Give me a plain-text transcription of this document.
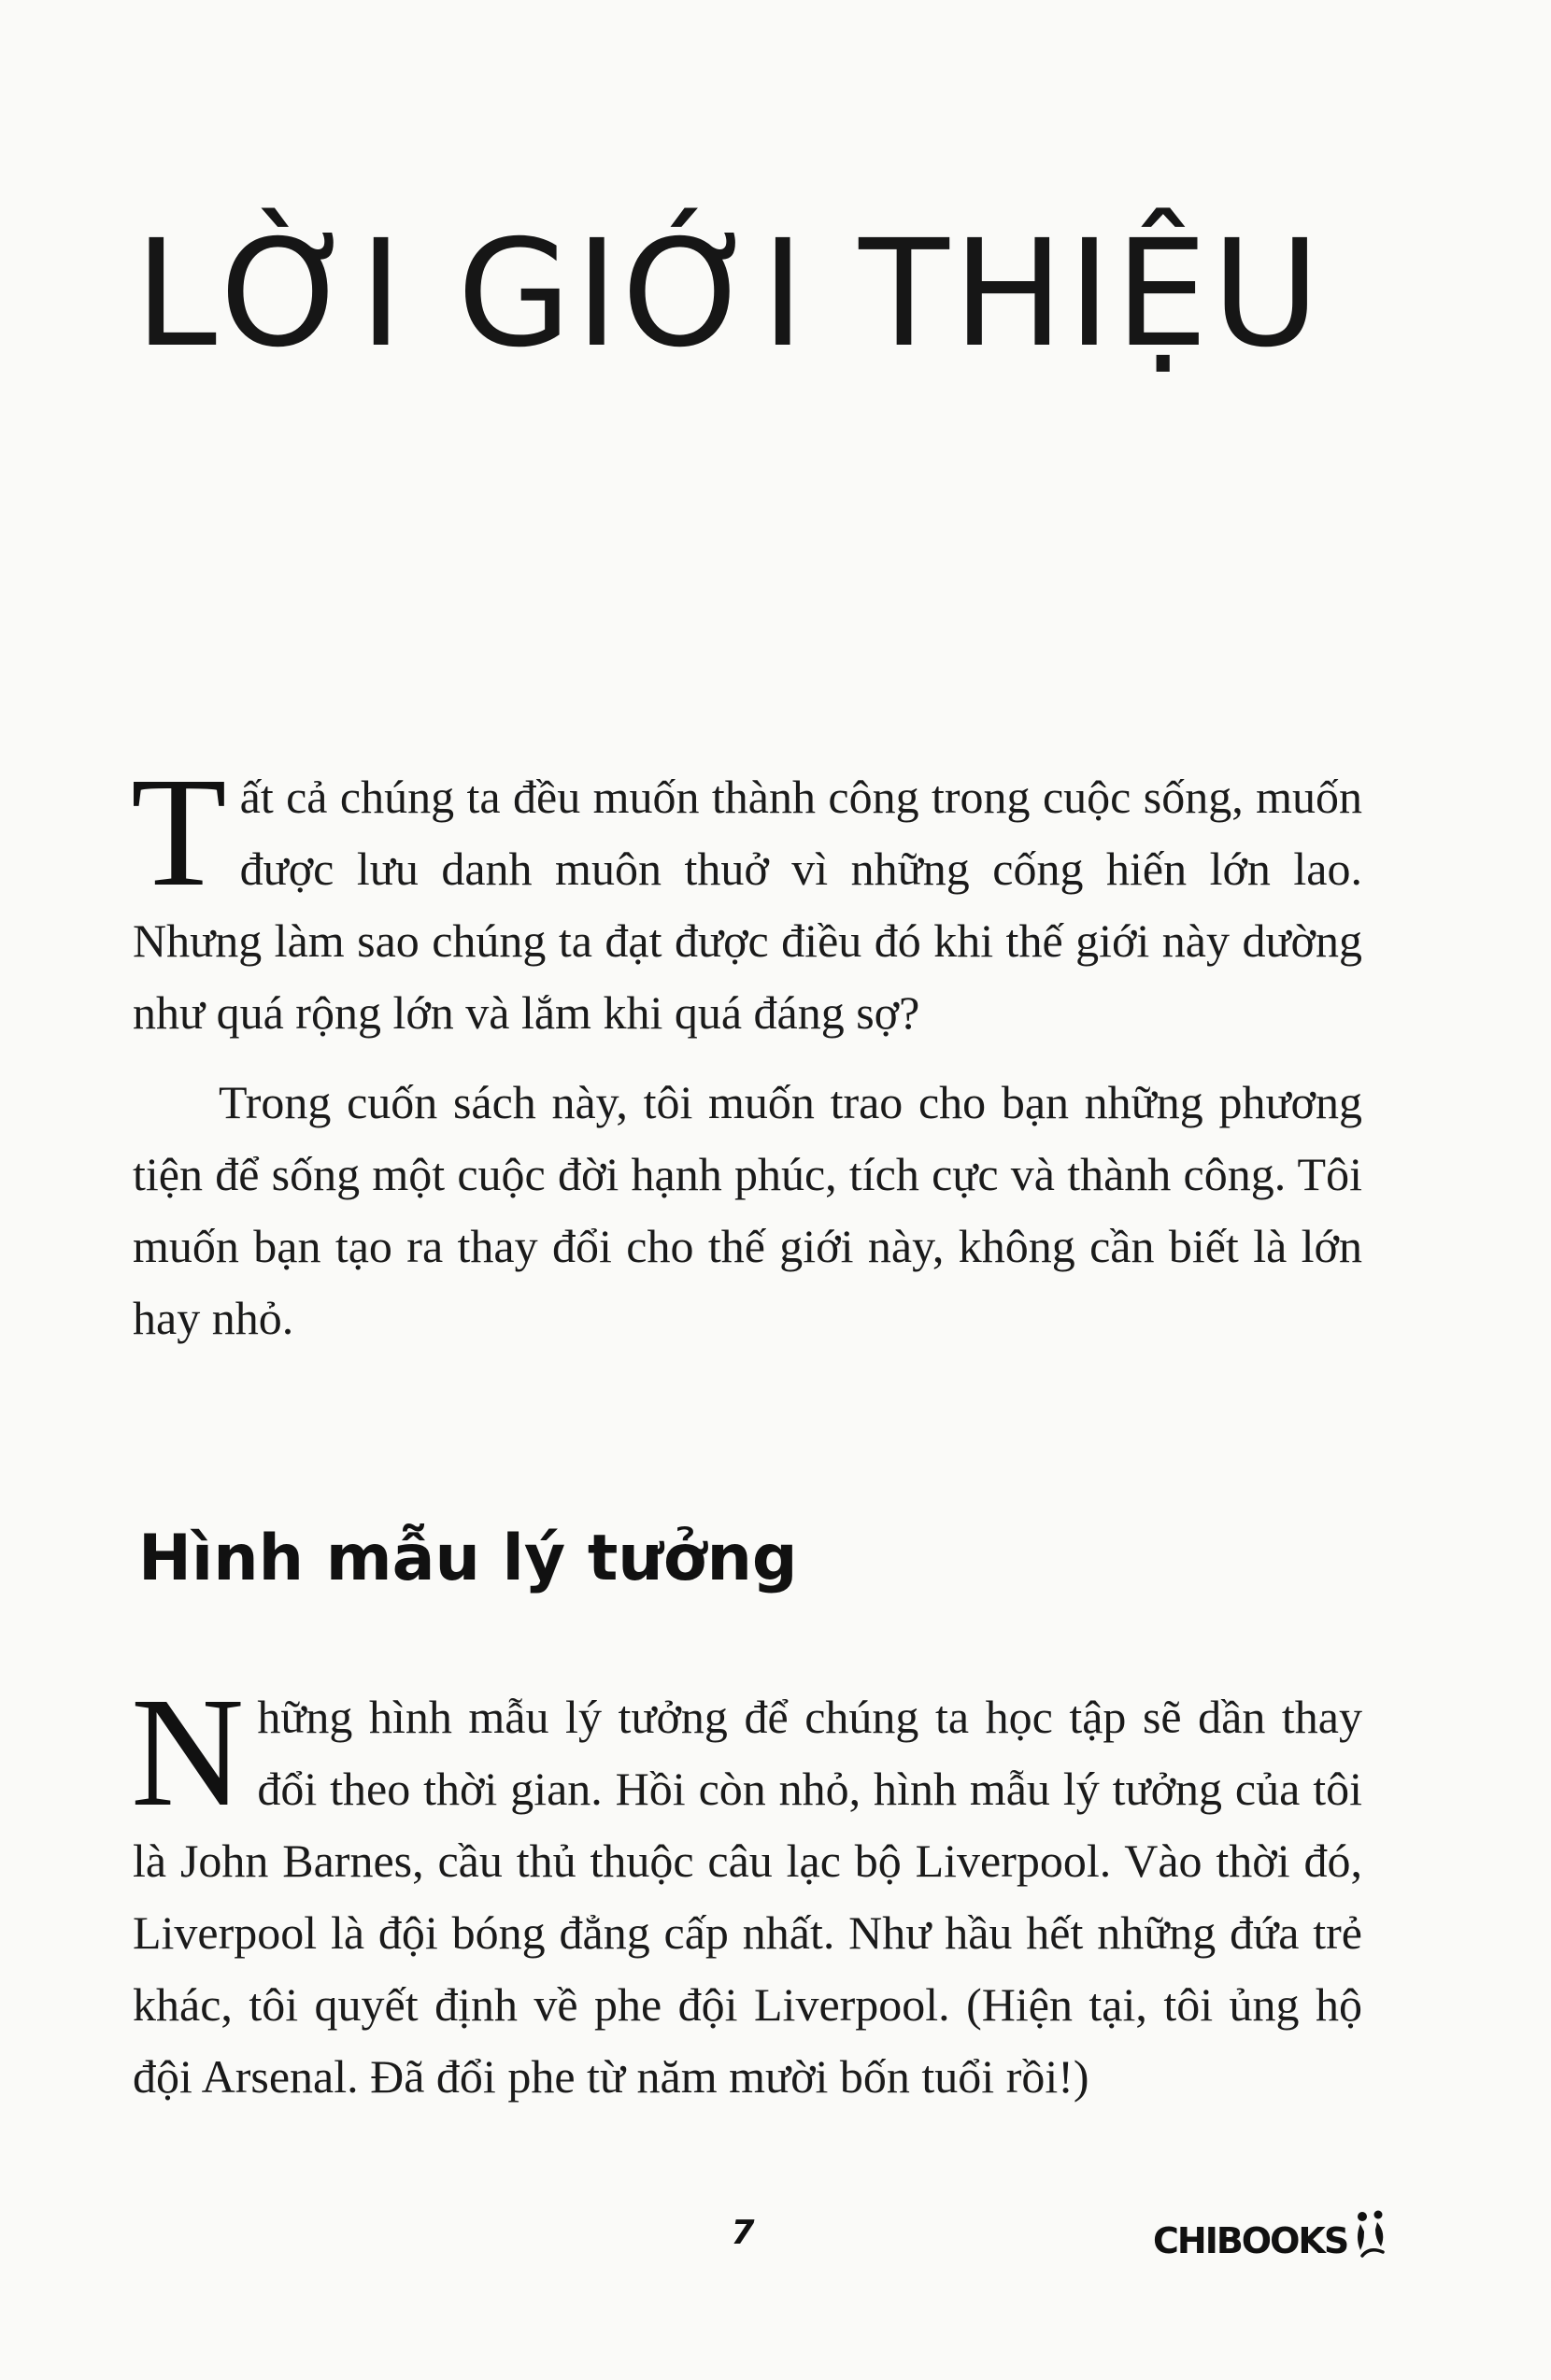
LỜI GIỚI THIỆU

Tất cả chúng ta đều muốn thành công trong cuộc sống, muốn được lưu danh muôn thuở vì những cống hiến lớn lao. Nhưng làm sao chúng ta đạt được điều đó khi thế giới này dường như quá rộng lớn và lắm khi quá đáng sợ?

Trong cuốn sách này, tôi muốn trao cho bạn những phương tiện để sống một cuộc đời hạnh phúc, tích cực và thành công. Tôi muốn bạn tạo ra thay đổi cho thế giới này, không cần biết là lớn hay nhỏ.

Hình mẫu lý tưởng

Những hình mẫu lý tưởng để chúng ta học tập sẽ dần thay đổi theo thời gian. Hồi còn nhỏ, hình mẫu lý tưởng của tôi là John Barnes, cầu thủ thuộc câu lạc bộ Liverpool. Vào thời đó, Liverpool là đội bóng đẳng cấp nhất. Như hầu hết những đứa trẻ khác, tôi quyết định về phe đội Liverpool. (Hiện tại, tôi ủng hộ đội Arsenal. Đã đổi phe từ năm mười bốn tuổi rồi!)

7	CHIBOOKS
